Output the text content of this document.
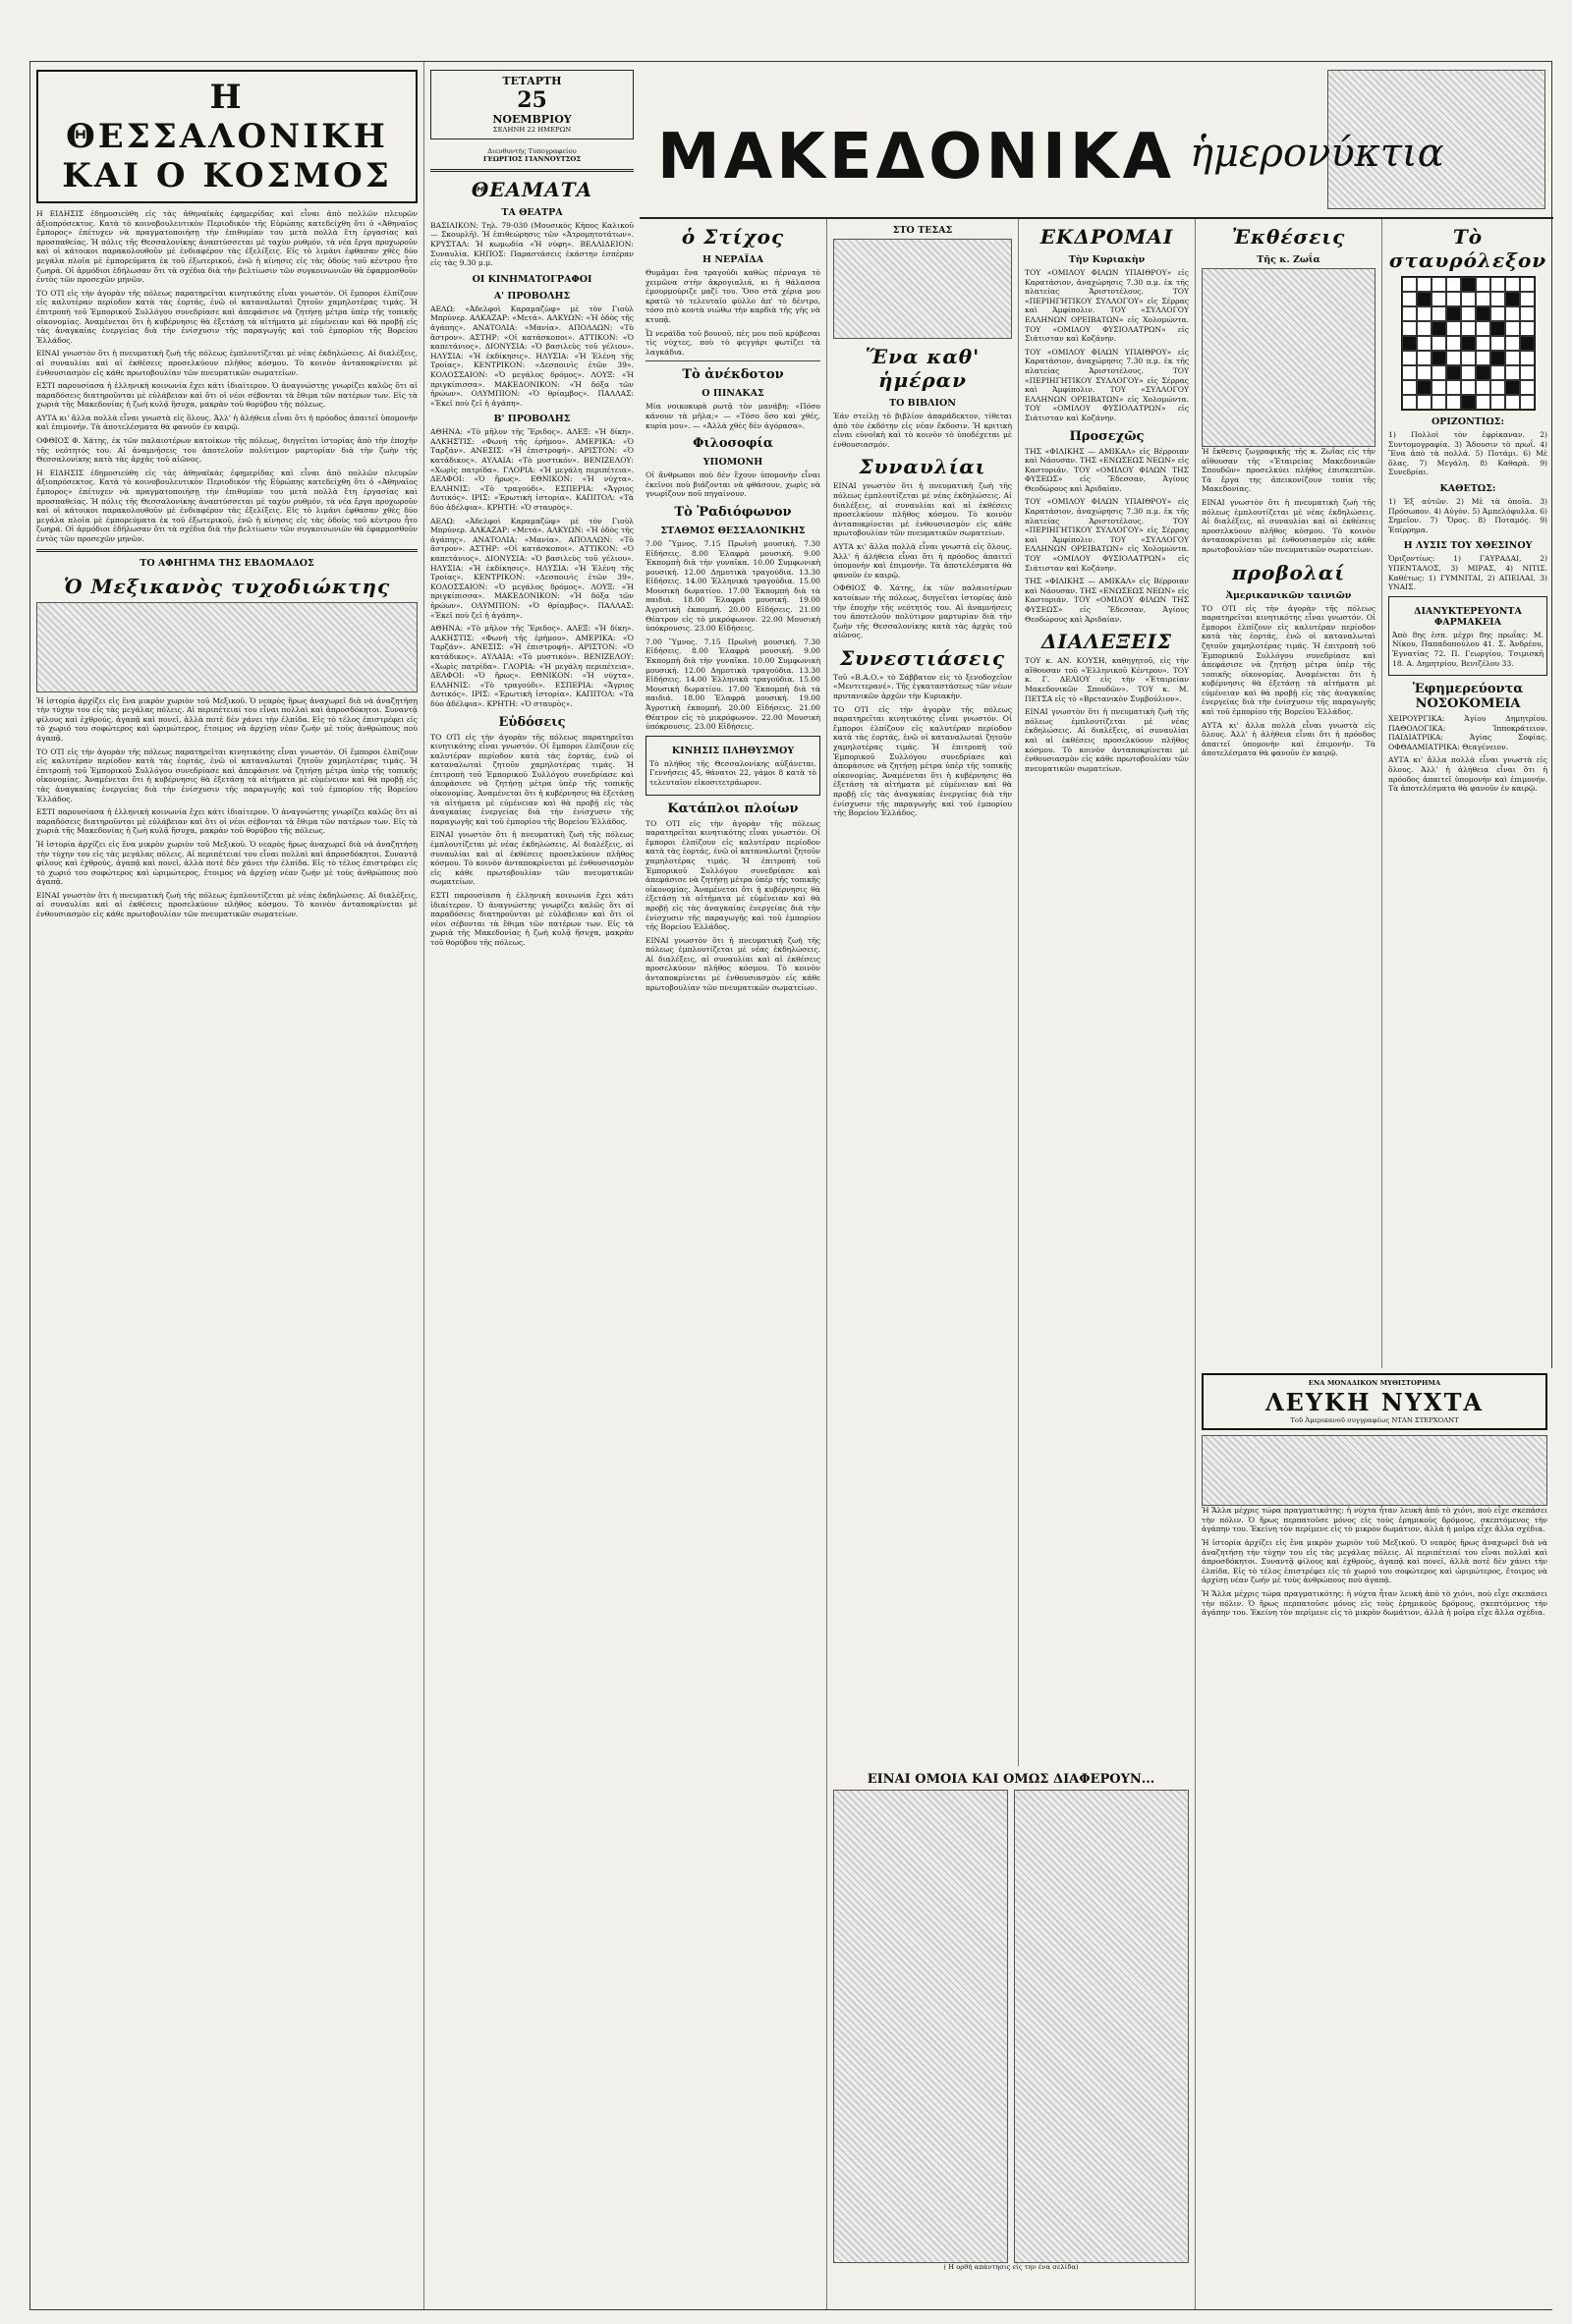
Η ΘΕΣΣΑΛΟΝΙΚΗ
ΚΑΙ Ο ΚΟΣΜΟΣ

Η ΕΙΔΗΣΙΣ ἐδημοσιεύθη εἰς τὰς ἀθηναϊκὰς ἐφημερίδας καὶ εἶναι ἀπὸ πολλῶν πλευρῶν ἀξιοπρόσεκτος. Κατὰ τὸ κοινοβουλευτικὸν Περιοδικὸν τῆς Εὐρώπης κατεδείχθη ὅτι ὁ «Ἀθηναῖος ἔμπορος» ἐπέτυχεν νὰ πραγματοποιήσῃ τὴν ἐπιθυμίαν του μετὰ πολλὰ ἔτη ἐργασίας καὶ προσπαθείας. Ἡ πόλις τῆς Θεσσαλονίκης ἀναπτύσσεται μὲ ταχὺν ρυθμόν, τὰ νέα ἔργα προχωροῦν καὶ οἱ κάτοικοι παρακολουθοῦν μὲ ἐνδιαφέρον τὰς ἐξελίξεις. Εἰς τὸ λιμάνι ἐφθασαν χθὲς δύο μεγάλα πλοῖα μὲ ἐμπορεύματα ἐκ τοῦ ἐξωτερικοῦ, ἐνῶ ἡ κίνησις εἰς τὰς ὁδοὺς τοῦ κέντρου ἦτο ζωηρά. Οἱ ἁρμόδιοι ἐδήλωσαν ὅτι τὰ σχέδια διὰ τὴν βελτίωσιν τῶν συγκοινωνιῶν θὰ ἐφαρμοσθοῦν ἐντὸς τῶν προσεχῶν μηνῶν.

ΤΟ ΟΤΙ εἰς τὴν ἀγορὰν τῆς πόλεως παρατηρεῖται κινητικότης εἶναι γνωστόν. Οἱ ἔμποροι ἐλπίζουν εἰς καλυτέραν περίοδον κατὰ τὰς ἑορτάς, ἐνῶ οἱ καταναλωταὶ ζητοῦν χαμηλοτέρας τιμάς. Ἡ ἐπιτροπὴ τοῦ Ἐμπορικοῦ Συλλόγου συνεδρίασε καὶ ἀπεφάσισε νὰ ζητήσῃ μέτρα ὑπὲρ τῆς τοπικῆς οἰκονομίας. Ἀναμένεται ὅτι ἡ κυβέρνησις θὰ ἐξετάσῃ τὰ αἰτήματα μὲ εὐμένειαν καὶ θὰ προβῇ εἰς τὰς ἀναγκαίας ἐνεργείας διὰ τὴν ἐνίσχυσιν τῆς παραγωγῆς καὶ τοῦ ἐμπορίου τῆς Βορείου Ἑλλάδος.

ΕΙΝΑΙ γνωστὸν ὅτι ἡ πνευματικὴ ζωὴ τῆς πόλεως ἐμπλουτίζεται μὲ νέας ἐκδηλώσεις. Αἱ διαλέξεις, αἱ συναυλίαι καὶ αἱ ἐκθέσεις προσελκύουν πλῆθος κόσμου. Τὸ κοινὸν ἀνταποκρίνεται μὲ ἐνθουσιασμὸν εἰς κάθε πρωτοβουλίαν τῶν πνευματικῶν σωματείων.

ΕΣΤΙ παρουσίασα ἡ ἑλληνικὴ κοινωνία ἔχει κάτι ἰδιαίτερον. Ὁ ἀναγνώστης γνωρίζει καλῶς ὅτι αἱ παραδόσεις διατηροῦνται μὲ εὐλάβειαν καὶ ὅτι οἱ νέοι σέβονται τὰ ἔθιμα τῶν πατέρων των. Εἰς τὰ χωριὰ τῆς Μακεδονίας ἡ ζωὴ κυλᾷ ἥσυχα, μακρὰν τοῦ θορύβου τῆς πόλεως.

ΑΥΤΑ κι' ἄλλα πολλὰ εἶναι γνωστὰ εἰς ὅλους. Ἀλλ' ἡ ἀλήθεια εἶναι ὅτι ἡ πρόοδος ἀπαιτεῖ ὑπομονὴν καὶ ἐπιμονήν. Τὰ ἀποτελέσματα θὰ φανοῦν ἐν καιρῷ.

ΟΦΘΙΟΣ Φ. Χάτης, ἐκ τῶν παλαιοτέρων κατοίκων τῆς πόλεως, διηγεῖται ἱστορίας ἀπὸ τὴν ἐποχὴν τῆς νεότητός του. Αἱ ἀναμνήσεις του ἀποτελοῦν πολύτιμον μαρτυρίαν διὰ τὴν ζωὴν τῆς Θεσσαλονίκης κατὰ τὰς ἀρχὰς τοῦ αἰῶνος.

Η ΕΙΔΗΣΙΣ ἐδημοσιεύθη εἰς τὰς ἀθηναϊκὰς ἐφημερίδας καὶ εἶναι ἀπὸ πολλῶν πλευρῶν ἀξιοπρόσεκτος. Κατὰ τὸ κοινοβουλευτικὸν Περιοδικὸν τῆς Εὐρώπης κατεδείχθη ὅτι ὁ «Ἀθηναῖος ἔμπορος» ἐπέτυχεν νὰ πραγματοποιήσῃ τὴν ἐπιθυμίαν του μετὰ πολλὰ ἔτη ἐργασίας καὶ προσπαθείας. Ἡ πόλις τῆς Θεσσαλονίκης ἀναπτύσσεται μὲ ταχὺν ρυθμόν, τὰ νέα ἔργα προχωροῦν καὶ οἱ κάτοικοι παρακολουθοῦν μὲ ἐνδιαφέρον τὰς ἐξελίξεις. Εἰς τὸ λιμάνι ἐφθασαν χθὲς δύο μεγάλα πλοῖα μὲ ἐμπορεύματα ἐκ τοῦ ἐξωτερικοῦ, ἐνῶ ἡ κίνησις εἰς τὰς ὁδοὺς τοῦ κέντρου ἦτο ζωηρά. Οἱ ἁρμόδιοι ἐδήλωσαν ὅτι τὰ σχέδια διὰ τὴν βελτίωσιν τῶν συγκοινωνιῶν θὰ ἐφαρμοσθοῦν ἐντὸς τῶν προσεχῶν μηνῶν.

ΤΟ ΑΦΗΓΗΜΑ ΤΗΣ ΕΒΔΟΜΑΔΟΣ
Ὁ Μεξικανὸς τυχοδιώκτης

Ἡ ἱστορία ἀρχίζει εἰς ἕνα μικρὸν χωριὸν τοῦ Μεξικοῦ. Ὁ νεαρὸς ἥρως ἀναχωρεῖ διὰ νὰ ἀναζητήσῃ τὴν τύχην του εἰς τὰς μεγάλας πόλεις. Αἱ περιπέτειαί του εἶναι πολλαὶ καὶ ἀπροσδόκητοι. Συναντᾷ φίλους καὶ ἐχθρούς, ἀγαπᾷ καὶ πονεῖ, ἀλλὰ ποτὲ δὲν χάνει τὴν ἐλπίδα. Εἰς τὸ τέλος ἐπιστρέφει εἰς τὸ χωριό του σοφώτερος καὶ ὡριμώτερος, ἕτοιμος νὰ ἀρχίσῃ νέαν ζωήν μὲ τοὺς ἀνθρώπους ποὺ ἀγαπᾷ.

ΤΟ ΟΤΙ εἰς τὴν ἀγορὰν τῆς πόλεως παρατηρεῖται κινητικότης εἶναι γνωστόν. Οἱ ἔμποροι ἐλπίζουν εἰς καλυτέραν περίοδον κατὰ τὰς ἑορτάς, ἐνῶ οἱ καταναλωταὶ ζητοῦν χαμηλοτέρας τιμάς. Ἡ ἐπιτροπὴ τοῦ Ἐμπορικοῦ Συλλόγου συνεδρίασε καὶ ἀπεφάσισε νὰ ζητήσῃ μέτρα ὑπὲρ τῆς τοπικῆς οἰκονομίας. Ἀναμένεται ὅτι ἡ κυβέρνησις θὰ ἐξετάσῃ τὰ αἰτήματα μὲ εὐμένειαν καὶ θὰ προβῇ εἰς τὰς ἀναγκαίας ἐνεργείας διὰ τὴν ἐνίσχυσιν τῆς παραγωγῆς καὶ τοῦ ἐμπορίου τῆς Βορείου Ἑλλάδος.

ΕΣΤΙ παρουσίασα ἡ ἑλληνικὴ κοινωνία ἔχει κάτι ἰδιαίτερον. Ὁ ἀναγνώστης γνωρίζει καλῶς ὅτι αἱ παραδόσεις διατηροῦνται μὲ εὐλάβειαν καὶ ὅτι οἱ νέοι σέβονται τὰ ἔθιμα τῶν πατέρων των. Εἰς τὰ χωριὰ τῆς Μακεδονίας ἡ ζωὴ κυλᾷ ἥσυχα, μακρὰν τοῦ θορύβου τῆς πόλεως.

Ἡ ἱστορία ἀρχίζει εἰς ἕνα μικρὸν χωριὸν τοῦ Μεξικοῦ. Ὁ νεαρὸς ἥρως ἀναχωρεῖ διὰ νὰ ἀναζητήσῃ τὴν τύχην του εἰς τὰς μεγάλας πόλεις. Αἱ περιπέτειαί του εἶναι πολλαὶ καὶ ἀπροσδόκητοι. Συναντᾷ φίλους καὶ ἐχθρούς, ἀγαπᾷ καὶ πονεῖ, ἀλλὰ ποτὲ δὲν χάνει τὴν ἐλπίδα. Εἰς τὸ τέλος ἐπιστρέφει εἰς τὸ χωριό του σοφώτερος καὶ ὡριμώτερος, ἕτοιμος νὰ ἀρχίσῃ νέαν ζωήν μὲ τοὺς ἀνθρώπους ποὺ ἀγαπᾷ.

ΕΙΝΑΙ γνωστὸν ὅτι ἡ πνευματικὴ ζωὴ τῆς πόλεως ἐμπλουτίζεται μὲ νέας ἐκδηλώσεις. Αἱ διαλέξεις, αἱ συναυλίαι καὶ αἱ ἐκθέσεις προσελκύουν πλῆθος κόσμου. Τὸ κοινὸν ἀνταποκρίνεται μὲ ἐνθουσιασμὸν εἰς κάθε πρωτοβουλίαν τῶν πνευματικῶν σωματείων.

ΤΕΤΑΡΤΗ
25
ΝΟΕΜΒΡΙΟΥ
ΣΕΛΗΝΗ 22 ΗΜΕΡΩΝ
Διευθυντής Τυπογραφείου
ΓΕΩΡΓΙΟΣ ΓΙΑΝΝΟΥΤΣΟΣ
ΘΕΑΜΑΤΑ
ΤΑ ΘΕΑΤΡΑ

ΒΑΣΙΛΙΚΟΝ: Τηλ. 79-030 (Μουσικὸς Κήπος Καλικοῦ — Σκουρλῆ). Ἡ ἐπιθεώρησις τῶν «Ἀτρομητοτάτων». ΚΡΥΣΤΑΛ: Ἡ κωμωδία «Ἡ νύφη». ΒΕΛΛΙΔΕΙΟΝ: Συναυλία. ΚΗΠΟΣ: Παραστάσεις ἑκάστην ἑσπέραν εἰς τὰς 9.30 μ.μ.

ΟΙ ΚΙΝΗΜΑΤΟΓΡΑΦΟΙ
Α' ΠΡΟΒΟΛΗΣ

ΑΕΛΩ: «Ἀδελφοὶ Καραμαζὼφ» μὲ τὸν Γιοὺλ Μπρύνερ. ΑΛΚΑΖΑΡ: «Μετά». ΑΛΚΥΩΝ: «Ἡ ὁδὸς τῆς ἀγάπης». ΑΝΑΤΟΛΙΑ: «Μανία». ΑΠΟΛΛΩΝ: «Τὸ ἄστρον». ΑΣΤΗΡ: «Οἱ κατάσκοποι». ΑΤΤΙΚΟΝ: «Ὁ καπετάνιος». ΔΙΟΝΥΣΙΑ: «Ὁ βασιλεὺς τοῦ γέλιου». ΗΛΥΣΙΑ: «Ἡ ἐκδίκησις». ΗΛΥΣΙΑ: «Ἡ Ἑλένη τῆς Τροίας». ΚΕΝΤΡΙΚΟΝ: «Δεσποινὶς ἐτῶν 39». ΚΟΛΟΣΣΑΙΟΝ: «Ὁ μεγάλος δρόμος». ΛΟΥΞ: «Ἡ πριγκίπισσα». ΜΑΚΕΔΟΝΙΚΟΝ: «Ἡ δόξα τῶν ἡρώων». ΟΛΥΜΠΙΟΝ: «Ὁ θρίαμβος». ΠΑΛΛΑΣ: «Ἐκεῖ ποὺ ζεῖ ἡ ἀγάπη».

Β' ΠΡΟΒΟΛΗΣ

ΑΘΗΝΑ: «Τὸ μῆλον τῆς Ἔριδος». ΑΛΕΞ: «Ἡ δίκη». ΑΛΚΗΣΤΙΣ: «Φωνὴ τῆς ἐρήμου». ΑΜΕΡΙΚΑ: «Ὁ Ταρζάν». ΑΝΕΣΙΣ: «Ἡ ἐπιστροφή». ΑΡΙΣΤΟΝ: «Ὁ κατάδικος». ΑΥΛΑΙΑ: «Τὸ μυστικόν». ΒΕΝΙΖΕΛΟΥ: «Χωρὶς πατρίδα». ΓΛΟΡΙΑ: «Ἡ μεγάλη περιπέτεια». ΔΕΛΦΟΙ: «Ὁ ἥρως». ΕΘΝΙΚΟΝ: «Ἡ νύχτα». ΕΛΛΗΝΙΣ: «Τὸ τραγούδι». ΕΣΠΕΡΙΑ: «Ἄγριος Δυτικός». ΙΡΙΣ: «Ἐρωτικὴ ἱστορία». ΚΑΠΙΤΟΛ: «Τὰ δύο ἀδέλφια». ΚΡΗΤΗ: «Ὁ σταυρὸς».

ΑΕΛΩ: «Ἀδελφοὶ Καραμαζὼφ» μὲ τὸν Γιοὺλ Μπρύνερ. ΑΛΚΑΖΑΡ: «Μετά». ΑΛΚΥΩΝ: «Ἡ ὁδὸς τῆς ἀγάπης». ΑΝΑΤΟΛΙΑ: «Μανία». ΑΠΟΛΛΩΝ: «Τὸ ἄστρον». ΑΣΤΗΡ: «Οἱ κατάσκοποι». ΑΤΤΙΚΟΝ: «Ὁ καπετάνιος». ΔΙΟΝΥΣΙΑ: «Ὁ βασιλεὺς τοῦ γέλιου». ΗΛΥΣΙΑ: «Ἡ ἐκδίκησις». ΗΛΥΣΙΑ: «Ἡ Ἑλένη τῆς Τροίας». ΚΕΝΤΡΙΚΟΝ: «Δεσποινὶς ἐτῶν 39». ΚΟΛΟΣΣΑΙΟΝ: «Ὁ μεγάλος δρόμος». ΛΟΥΞ: «Ἡ πριγκίπισσα». ΜΑΚΕΔΟΝΙΚΟΝ: «Ἡ δόξα τῶν ἡρώων». ΟΛΥΜΠΙΟΝ: «Ὁ θρίαμβος». ΠΑΛΛΑΣ: «Ἐκεῖ ποὺ ζεῖ ἡ ἀγάπη».

ΑΘΗΝΑ: «Τὸ μῆλον τῆς Ἔριδος». ΑΛΕΞ: «Ἡ δίκη». ΑΛΚΗΣΤΙΣ: «Φωνὴ τῆς ἐρήμου». ΑΜΕΡΙΚΑ: «Ὁ Ταρζάν». ΑΝΕΣΙΣ: «Ἡ ἐπιστροφή». ΑΡΙΣΤΟΝ: «Ὁ κατάδικος». ΑΥΛΑΙΑ: «Τὸ μυστικόν». ΒΕΝΙΖΕΛΟΥ: «Χωρὶς πατρίδα». ΓΛΟΡΙΑ: «Ἡ μεγάλη περιπέτεια». ΔΕΛΦΟΙ: «Ὁ ἥρως». ΕΘΝΙΚΟΝ: «Ἡ νύχτα». ΕΛΛΗΝΙΣ: «Τὸ τραγούδι». ΕΣΠΕΡΙΑ: «Ἄγριος Δυτικός». ΙΡΙΣ: «Ἐρωτικὴ ἱστορία». ΚΑΠΙΤΟΛ: «Τὰ δύο ἀδέλφια». ΚΡΗΤΗ: «Ὁ σταυρὸς».

Εὐδόσεις

ΤΟ ΟΤΙ εἰς τὴν ἀγορὰν τῆς πόλεως παρατηρεῖται κινητικότης εἶναι γνωστόν. Οἱ ἔμποροι ἐλπίζουν εἰς καλυτέραν περίοδον κατὰ τὰς ἑορτάς, ἐνῶ οἱ καταναλωταὶ ζητοῦν χαμηλοτέρας τιμάς. Ἡ ἐπιτροπὴ τοῦ Ἐμπορικοῦ Συλλόγου συνεδρίασε καὶ ἀπεφάσισε νὰ ζητήσῃ μέτρα ὑπὲρ τῆς τοπικῆς οἰκονομίας. Ἀναμένεται ὅτι ἡ κυβέρνησις θὰ ἐξετάσῃ τὰ αἰτήματα μὲ εὐμένειαν καὶ θὰ προβῇ εἰς τὰς ἀναγκαίας ἐνεργείας διὰ τὴν ἐνίσχυσιν τῆς παραγωγῆς καὶ τοῦ ἐμπορίου τῆς Βορείου Ἑλλάδος.

ΕΙΝΑΙ γνωστὸν ὅτι ἡ πνευματικὴ ζωὴ τῆς πόλεως ἐμπλουτίζεται μὲ νέας ἐκδηλώσεις. Αἱ διαλέξεις, αἱ συναυλίαι καὶ αἱ ἐκθέσεις προσελκύουν πλῆθος κόσμου. Τὸ κοινὸν ἀνταποκρίνεται μὲ ἐνθουσιασμὸν εἰς κάθε πρωτοβουλίαν τῶν πνευματικῶν σωματείων.

ΕΣΤΙ παρουσίασα ἡ ἑλληνικὴ κοινωνία ἔχει κάτι ἰδιαίτερον. Ὁ ἀναγνώστης γνωρίζει καλῶς ὅτι αἱ παραδόσεις διατηροῦνται μὲ εὐλάβειαν καὶ ὅτι οἱ νέοι σέβονται τὰ ἔθιμα τῶν πατέρων των. Εἰς τὰ χωριὰ τῆς Μακεδονίας ἡ ζωὴ κυλᾷ ἥσυχα, μακρὰν τοῦ θορύβου τῆς πόλεως.

ΜΑΚΕΔΟΝΙΚΑ ἡμερονύκτια
ὁ Στίχος
Η ΝΕΡΑΪΔΑ

Θυμᾶμαι ἕνα τραγούδι καθὼς πέρναγα τὸ χειμῶνα στὴν ἀκρογιαλιά, κι ἡ θάλασσα ἐμουρμούριζε μαζί του. Ὅσο στὰ χέρια μου κρατῶ τὸ τελευταῖο φύλλο ἀπ' τὸ δέντρο, τόσο πιὸ κοντὰ νιώθω τὴν καρδιὰ τῆς γῆς νὰ κτυπᾷ.

Ὦ νεράϊδα τοῦ βουνοῦ, πὲς μου ποῦ κρύβεσαι τὶς νύχτες, ποὺ τὸ φεγγάρι φωτίζει τὰ λαγκάδια.

Τὸ ἀνέκδοτον
Ο ΠΙΝΑΚΑΣ

Μία νοικοκυρὰ ρωτᾷ τὸν μανάβη: «Πόσο κάνουν τὰ μῆλα;» — «Τόσο ὅσο καὶ χθές, κυρία μου». — «Ἀλλὰ χθὲς δὲν ἀγόρασα».

Φιλοσοφία
ΥΠΟΜΟΝΗ

Οἱ ἄνθρωποι ποὺ δὲν ἔχουν ὑπομονὴν εἶναι ἐκεῖνοι ποὺ βιάζονται νὰ φθάσουν, χωρὶς νὰ γνωρίζουν ποῦ πηγαίνουν.

Τὸ Ῥαδιόφωνον
ΣΤΑΘΜΟΣ ΘΕΣΣΑΛΟΝΙΚΗΣ

7.00 Ὕμνος. 7.15 Πρωϊνὴ μουσική. 7.30 Εἰδήσεις. 8.00 Ἐλαφρὰ μουσική. 9.00 Ἐκπομπὴ διὰ τὴν γυναῖκα. 10.00 Συμφωνικὴ μουσική. 12.00 Δημοτικὰ τραγούδια. 13.30 Εἰδήσεις. 14.00 Ἑλληνικὰ τραγούδια. 15.00 Μουσικὴ δωματίου. 17.00 Ἐκπομπὴ διὰ τὰ παιδιά. 18.00 Ἐλαφρὰ μουσική. 19.00 Ἀγροτικὴ ἐκπομπή. 20.00 Εἰδήσεις. 21.00 Θέατρον εἰς τὸ μικρόφωνον. 22.00 Μουσικὴ ὑπόκρουσις. 23.00 Εἰδήσεις.

7.00 Ὕμνος. 7.15 Πρωϊνὴ μουσική. 7.30 Εἰδήσεις. 8.00 Ἐλαφρὰ μουσική. 9.00 Ἐκπομπὴ διὰ τὴν γυναῖκα. 10.00 Συμφωνικὴ μουσική. 12.00 Δημοτικὰ τραγούδια. 13.30 Εἰδήσεις. 14.00 Ἑλληνικὰ τραγούδια. 15.00 Μουσικὴ δωματίου. 17.00 Ἐκπομπὴ διὰ τὰ παιδιά. 18.00 Ἐλαφρὰ μουσική. 19.00 Ἀγροτικὴ ἐκπομπή. 20.00 Εἰδήσεις. 21.00 Θέατρον εἰς τὸ μικρόφωνον. 22.00 Μουσικὴ ὑπόκρουσις. 23.00 Εἰδήσεις.

ΚΙΝΗΣΙΣ ΠΛΗΘΥΣΜΟΥ

Τὸ πλήθος τῆς Θεσσαλονίκης αὐξάνεται. Γεννήσεις 45, θάνατοι 22, γάμοι 8 κατὰ τὸ τελευταῖον εἰκοσιτετράωρον.

Κατάπλοι πλοίων

ΤΟ ΟΤΙ εἰς τὴν ἀγορὰν τῆς πόλεως παρατηρεῖται κινητικότης εἶναι γνωστόν. Οἱ ἔμποροι ἐλπίζουν εἰς καλυτέραν περίοδον κατὰ τὰς ἑορτάς, ἐνῶ οἱ καταναλωταὶ ζητοῦν χαμηλοτέρας τιμάς. Ἡ ἐπιτροπὴ τοῦ Ἐμπορικοῦ Συλλόγου συνεδρίασε καὶ ἀπεφάσισε νὰ ζητήσῃ μέτρα ὑπὲρ τῆς τοπικῆς οἰκονομίας. Ἀναμένεται ὅτι ἡ κυβέρνησις θὰ ἐξετάσῃ τὰ αἰτήματα μὲ εὐμένειαν καὶ θὰ προβῇ εἰς τὰς ἀναγκαίας ἐνεργείας διὰ τὴν ἐνίσχυσιν τῆς παραγωγῆς καὶ τοῦ ἐμπορίου τῆς Βορείου Ἑλλάδος.

ΕΙΝΑΙ γνωστὸν ὅτι ἡ πνευματικὴ ζωὴ τῆς πόλεως ἐμπλουτίζεται μὲ νέας ἐκδηλώσεις. Αἱ διαλέξεις, αἱ συναυλίαι καὶ αἱ ἐκθέσεις προσελκύουν πλῆθος κόσμου. Τὸ κοινὸν ἀνταποκρίνεται μὲ ἐνθουσιασμὸν εἰς κάθε πρωτοβουλίαν τῶν πνευματικῶν σωματείων.

ΣΤΟ ΤΕΣΑΣ
Ἕνα καθ' ἡμέραν
ΤΟ ΒΙΒΛΙΟΝ

Ἐάν στείλῃ τὸ βιβλίον ἀπαράδεκτον, τίθεται ἀπὸ τὸν ἐκδότην εἰς νέαν ἔκδοσιν. Ἡ κριτικὴ εἶναι εὐνοϊκὴ καὶ τὸ κοινὸν τὸ ὑποδέχεται μὲ ἐνθουσιασμόν.

Συναυλίαι

ΕΙΝΑΙ γνωστὸν ὅτι ἡ πνευματικὴ ζωὴ τῆς πόλεως ἐμπλουτίζεται μὲ νέας ἐκδηλώσεις. Αἱ διαλέξεις, αἱ συναυλίαι καὶ αἱ ἐκθέσεις προσελκύουν πλῆθος κόσμου. Τὸ κοινὸν ἀνταποκρίνεται μὲ ἐνθουσιασμὸν εἰς κάθε πρωτοβουλίαν τῶν πνευματικῶν σωματείων.

ΑΥΤΑ κι' ἄλλα πολλὰ εἶναι γνωστὰ εἰς ὅλους. Ἀλλ' ἡ ἀλήθεια εἶναι ὅτι ἡ πρόοδος ἀπαιτεῖ ὑπομονὴν καὶ ἐπιμονήν. Τὰ ἀποτελέσματα θὰ φανοῦν ἐν καιρῷ.

ΟΦΘΙΟΣ Φ. Χάτης, ἐκ τῶν παλαιοτέρων κατοίκων τῆς πόλεως, διηγεῖται ἱστορίας ἀπὸ τὴν ἐποχὴν τῆς νεότητός του. Αἱ ἀναμνήσεις του ἀποτελοῦν πολύτιμον μαρτυρίαν διὰ τὴν ζωὴν τῆς Θεσσαλονίκης κατὰ τὰς ἀρχὰς τοῦ αἰῶνος.

Συνεστιάσεις

Τοῦ «Β.Α.Ο.» τὸ Σάββατον εἰς τὸ ξενοδοχεῖον «Μεντιτερανέ». Τῆς ἐγκαταστάσεως τῶν νέων πρυτανικῶν ἀρχῶν τὴν Κυριακὴν.

ΤΟ ΟΤΙ εἰς τὴν ἀγορὰν τῆς πόλεως παρατηρεῖται κινητικότης εἶναι γνωστόν. Οἱ ἔμποροι ἐλπίζουν εἰς καλυτέραν περίοδον κατὰ τὰς ἑορτάς, ἐνῶ οἱ καταναλωταὶ ζητοῦν χαμηλοτέρας τιμάς. Ἡ ἐπιτροπὴ τοῦ Ἐμπορικοῦ Συλλόγου συνεδρίασε καὶ ἀπεφάσισε νὰ ζητήσῃ μέτρα ὑπὲρ τῆς τοπικῆς οἰκονομίας. Ἀναμένεται ὅτι ἡ κυβέρνησις θὰ ἐξετάσῃ τὰ αἰτήματα μὲ εὐμένειαν καὶ θὰ προβῇ εἰς τὰς ἀναγκαίας ἐνεργείας διὰ τὴν ἐνίσχυσιν τῆς παραγωγῆς καὶ τοῦ ἐμπορίου τῆς Βορείου Ἑλλάδος.

ΕΚΔΡΟΜΑΙ
Τὴν Κυριακὴν

ΤΟΥ «ΟΜΙΛΟΥ ΦΙΛΩΝ ΥΠΑΙΘΡΟΥ» εἰς Καρατάσιον, ἀναχώρησις 7.30 π.μ. ἐκ τῆς πλατείας Ἀριστοτέλους. ΤΟΥ «ΠΕΡΙΗΓΗΤΙΚΟΥ ΣΥΛΛΟΓΟΥ» εἰς Σέρρας καὶ Ἀμφίπολιν. ΤΟΥ «ΣΥΛΛΟΓΟΥ ΕΛΛΗΝΩΝ ΟΡΕΙΒΑΤΩΝ» εἰς Χολομώντα. ΤΟΥ «ΟΜΙΛΟΥ ΦΥΣΙΟΛΑΤΡΩΝ» εἰς Σιάτισταν καὶ Κοζάνην.

ΤΟΥ «ΟΜΙΛΟΥ ΦΙΛΩΝ ΥΠΑΙΘΡΟΥ» εἰς Καρατάσιον, ἀναχώρησις 7.30 π.μ. ἐκ τῆς πλατείας Ἀριστοτέλους. ΤΟΥ «ΠΕΡΙΗΓΗΤΙΚΟΥ ΣΥΛΛΟΓΟΥ» εἰς Σέρρας καὶ Ἀμφίπολιν. ΤΟΥ «ΣΥΛΛΟΓΟΥ ΕΛΛΗΝΩΝ ΟΡΕΙΒΑΤΩΝ» εἰς Χολομώντα. ΤΟΥ «ΟΜΙΛΟΥ ΦΥΣΙΟΛΑΤΡΩΝ» εἰς Σιάτισταν καὶ Κοζάνην.

Προσεχῶς

ΤΗΣ «ΦΙΛΙΚΗΣ — ΑΜΙΚΑΛ» εἰς Βέρροιαν καὶ Νάουσαν. ΤΗΣ «ΕΝΩΣΕΩΣ ΝΕΩΝ» εἰς Καστοριάν. ΤΟΥ «ΟΜΙΛΟΥ ΦΙΛΩΝ ΤΗΣ ΦΥΣΕΩΣ» εἰς Ἔδεσσαν, Ἀγίους Θεοδώρους καὶ Ἀριδαίαν.

ΤΟΥ «ΟΜΙΛΟΥ ΦΙΛΩΝ ΥΠΑΙΘΡΟΥ» εἰς Καρατάσιον, ἀναχώρησις 7.30 π.μ. ἐκ τῆς πλατείας Ἀριστοτέλους. ΤΟΥ «ΠΕΡΙΗΓΗΤΙΚΟΥ ΣΥΛΛΟΓΟΥ» εἰς Σέρρας καὶ Ἀμφίπολιν. ΤΟΥ «ΣΥΛΛΟΓΟΥ ΕΛΛΗΝΩΝ ΟΡΕΙΒΑΤΩΝ» εἰς Χολομώντα. ΤΟΥ «ΟΜΙΛΟΥ ΦΥΣΙΟΛΑΤΡΩΝ» εἰς Σιάτισταν καὶ Κοζάνην.

ΤΗΣ «ΦΙΛΙΚΗΣ — ΑΜΙΚΑΛ» εἰς Βέρροιαν καὶ Νάουσαν. ΤΗΣ «ΕΝΩΣΕΩΣ ΝΕΩΝ» εἰς Καστοριάν. ΤΟΥ «ΟΜΙΛΟΥ ΦΙΛΩΝ ΤΗΣ ΦΥΣΕΩΣ» εἰς Ἔδεσσαν, Ἀγίους Θεοδώρους καὶ Ἀριδαίαν.

ΔΙΑΛΕΞΕΙΣ

ΤΟΥ κ. ΑΝ. ΚΟΥΣΗ, καθηγητοῦ, εἰς τὴν αἴθουσαν τοῦ «Ἐλληνικοῦ Κέντρου». ΤΟΥ κ. Γ. ΔΕΛΙΟΥ εἰς τὴν «Ἑταιρείαν Μακεδονικῶν Σπουδῶν». ΤΟΥ κ. Μ. ΠΕΤΣΑ εἰς τὸ «Βρετανικὸν Συμβούλιον».

ΕΙΝΑΙ γνωστὸν ὅτι ἡ πνευματικὴ ζωὴ τῆς πόλεως ἐμπλουτίζεται μὲ νέας ἐκδηλώσεις. Αἱ διαλέξεις, αἱ συναυλίαι καὶ αἱ ἐκθέσεις προσελκύουν πλῆθος κόσμου. Τὸ κοινὸν ἀνταποκρίνεται μὲ ἐνθουσιασμὸν εἰς κάθε πρωτοβουλίαν τῶν πνευματικῶν σωματείων.

Ἐκθέσεις
Τῆς κ. Ζωΐα

Ἡ ἔκθεσις ζωγραφικῆς τῆς κ. Ζωΐας εἰς τὴν αἴθουσαν τῆς «Ἑταιρείας Μακεδονικῶν Σπουδῶν» προσελκύει πλῆθος ἐπισκεπτῶν. Τὰ ἔργα της ἀπεικονίζουν τοπία τῆς Μακεδονίας.

ΕΙΝΑΙ γνωστὸν ὅτι ἡ πνευματικὴ ζωὴ τῆς πόλεως ἐμπλουτίζεται μὲ νέας ἐκδηλώσεις. Αἱ διαλέξεις, αἱ συναυλίαι καὶ αἱ ἐκθέσεις προσελκύουν πλῆθος κόσμου. Τὸ κοινὸν ἀνταποκρίνεται μὲ ἐνθουσιασμὸν εἰς κάθε πρωτοβουλίαν τῶν πνευματικῶν σωματείων.

προβολαί
Ἀμερικανικῶν ταινιῶν

ΤΟ ΟΤΙ εἰς τὴν ἀγορὰν τῆς πόλεως παρατηρεῖται κινητικότης εἶναι γνωστόν. Οἱ ἔμποροι ἐλπίζουν εἰς καλυτέραν περίοδον κατὰ τὰς ἑορτάς, ἐνῶ οἱ καταναλωταὶ ζητοῦν χαμηλοτέρας τιμάς. Ἡ ἐπιτροπὴ τοῦ Ἐμπορικοῦ Συλλόγου συνεδρίασε καὶ ἀπεφάσισε νὰ ζητήσῃ μέτρα ὑπὲρ τῆς τοπικῆς οἰκονομίας. Ἀναμένεται ὅτι ἡ κυβέρνησις θὰ ἐξετάσῃ τὰ αἰτήματα μὲ εὐμένειαν καὶ θὰ προβῇ εἰς τὰς ἀναγκαίας ἐνεργείας διὰ τὴν ἐνίσχυσιν τῆς παραγωγῆς καὶ τοῦ ἐμπορίου τῆς Βορείου Ἑλλάδος.

ΑΥΤΑ κι' ἄλλα πολλὰ εἶναι γνωστὰ εἰς ὅλους. Ἀλλ' ἡ ἀλήθεια εἶναι ὅτι ἡ πρόοδος ἀπαιτεῖ ὑπομονὴν καὶ ἐπιμονήν. Τὰ ἀποτελέσματα θὰ φανοῦν ἐν καιρῷ.

Τὸ σταυρόλεξον
ΟΡΙΖΟΝΤΙΩΣ:

1) Πολλοὶ τὸν ἐφρίκαναν. 2) Συντομογραφία. 3) Ἄδουσιν τὸ πρωΐ. 4) Ἕνα ἀπὸ τὰ πολλά. 5) Ποτάμι. 6) Μὲ ὅλας. 7) Μεγάλη. 8) Καθαρὰ. 9) Συνεδρίαι.

ΚΑΘΕΤΩΣ:

1) Ἐξ αὐτῶν. 2) Μὲ τὰ ὁποῖα. 3) Πρόσωπον. 4) Αὐγὸν. 5) Ἀμπελόφυλλα. 6) Σημεῖον. 7) Ὄρος. 8) Ποταμός. 9) Ἐπίρρημα.

Η ΛΥΣΙΣ ΤΟΥ ΧΘΕΣΙΝΟΥ

Ὁριζοντίως: 1) ΓΑΥΡΑΔΑΙ, 2) ΥΠΕΝΤΑΛΟΣ, 3) ΜΙΡΑΣ, 4) ΝΙΤΙΣ. Καθέτως: 1) ΓΥΜΝΙΤΑΙ, 2) ΑΠΕΙΛΑΙ, 3) ΥΝΑΙΣ.

ΔΙΑΝΥΚΤΕΡΕΥΟΝΤΑ ΦΑΡΜΑΚΕΙΑ

Ἀπὸ 8ης ἑσπ. μέχρι 8ης πρωΐας: Μ. Νίκου, Παπαδοπούλου 41. Σ. Ἀνδρέου, Ἐγνατίας 72. Π. Γεωργίου, Τσιμισκῆ 18. Α. Δημητρίου, Βενιζέλου 33.

Ἐφημερεύοντα ΝΟΣΟΚΟΜΕΙΑ

ΧΕΙΡΟΥΡΓΙΚΑ: Ἀγίου Δημητρίου. ΠΑΘΟΛΟΓΙΚΑ: Ἱπποκράτειον. ΠΑΙΔΙΑΤΡΙΚΑ: Ἀγίας Σοφίας. ΟΦΘΑΛΜΙΑΤΡΙΚΑ: Θεαγένειον.

ΑΥΤΑ κι' ἄλλα πολλὰ εἶναι γνωστὰ εἰς ὅλους. Ἀλλ' ἡ ἀλήθεια εἶναι ὅτι ἡ πρόοδος ἀπαιτεῖ ὑπομονὴν καὶ ἐπιμονήν. Τὰ ἀποτελέσματα θὰ φανοῦν ἐν καιρῷ.

ΕΝΑ ΜΟΝΑΔΙΚΟΝ ΜΥΘΙΣΤΟΡΗΜΑ
ΛΕΥΚΗ ΝΥΧΤΑ
Τοῦ Ἀμερικανοῦ συγγραφέως ΝΤΑΝ ΣΤΕΡΧΟΛΝΤ

Ἡ Ἄλλα μέχρις τώρα πραγματικότης: ἡ νύχτα ἦταν λευκὴ ἀπὸ τὸ χιόνι, ποὺ εἶχε σκεπάσει τὴν πόλιν. Ὁ ἥρως περπατοῦσε μόνος εἰς τοὺς ἐρημικοὺς δρόμους, σκεπτόμενος τὴν ἀγάπην του. Ἐκείνη τὸν περίμενε εἰς τὸ μικρὸν δωμάτιον, ἀλλὰ ἡ μοῖρα εἶχε ἄλλα σχέδια.

Ἡ ἱστορία ἀρχίζει εἰς ἕνα μικρὸν χωριὸν τοῦ Μεξικοῦ. Ὁ νεαρὸς ἥρως ἀναχωρεῖ διὰ νὰ ἀναζητήσῃ τὴν τύχην του εἰς τὰς μεγάλας πόλεις. Αἱ περιπέτειαί του εἶναι πολλαὶ καὶ ἀπροσδόκητοι. Συναντᾷ φίλους καὶ ἐχθρούς, ἀγαπᾷ καὶ πονεῖ, ἀλλὰ ποτὲ δὲν χάνει τὴν ἐλπίδα. Εἰς τὸ τέλος ἐπιστρέφει εἰς τὸ χωριό του σοφώτερος καὶ ὡριμώτερος, ἕτοιμος νὰ ἀρχίσῃ νέαν ζωήν μὲ τοὺς ἀνθρώπους ποὺ ἀγαπᾷ.

Ἡ Ἄλλα μέχρις τώρα πραγματικότης: ἡ νύχτα ἦταν λευκὴ ἀπὸ τὸ χιόνι, ποὺ εἶχε σκεπάσει τὴν πόλιν. Ὁ ἥρως περπατοῦσε μόνος εἰς τοὺς ἐρημικοὺς δρόμους, σκεπτόμενος τὴν ἀγάπην του. Ἐκείνη τὸν περίμενε εἰς τὸ μικρὸν δωμάτιον, ἀλλὰ ἡ μοῖρα εἶχε ἄλλα σχέδια.

ΕΙΝΑΙ ΟΜΟΙΑ ΚΑΙ ΟΜΩΣ ΔΙΑΦΕΡΟΥΝ...
( Η ορθή απάντησις είς την ένα σελίδα)
